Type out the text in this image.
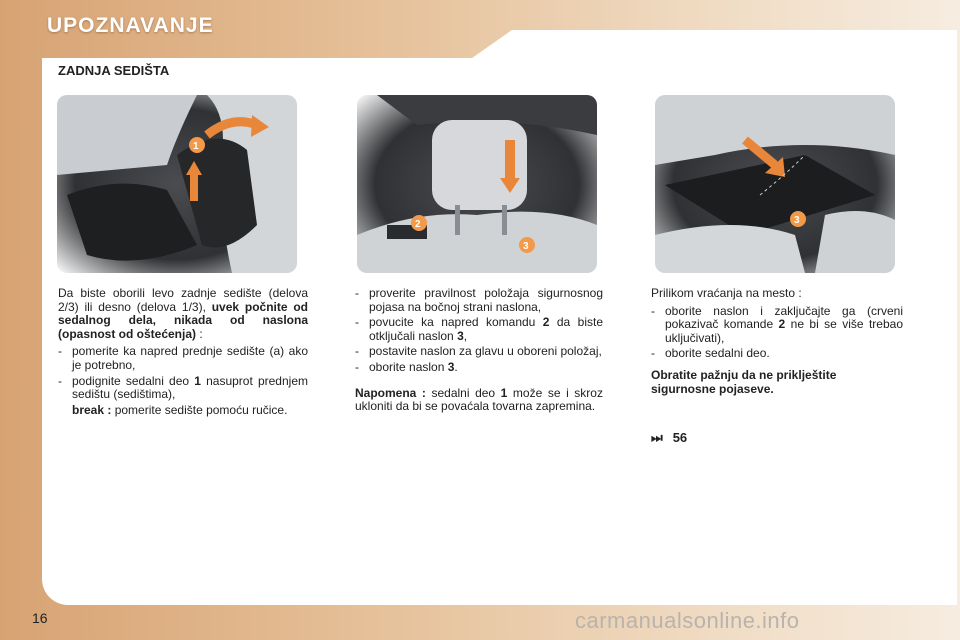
UPOZNAVANJE
ZADNJA SEDIŠTA
1
2
3
3

Da biste oborili levo zadnje sedište (delova 2/3) ili desno (delova 1/3), uvek počnite od sedalnog dela, nikada od naslona (opasnost od oštećenja) :

- pomerite ka napred prednje sedište (a) ako je potrebno,
- podignite sedalni deo 1 nasuprot prednjem sedištu (sedištima),
break : pomerite sedište pomoću ručice.
- proverite pravilnost položaja sigurnosnog pojasa na bočnoj strani naslona,
- povucite ka napred komandu 2 da biste otključali naslon 3,
- postavite naslon za glavu u oboreni položaj,
- oborite naslon 3.

Napomena : sedalni deo 1 može se i skroz ukloniti da bi se povaćala tovarna zapremina.

Prilikom vraćanja na mesto :

- oborite naslon i zaključajte ga (crveni pokazivač komande 2 ne bi se više trebao uključivati),
- oborite sedalni deo.

Obratite pažnju da ne priklještite sigurnosne pojaseve.

⏭ 56
16	carmanualsonline.info
